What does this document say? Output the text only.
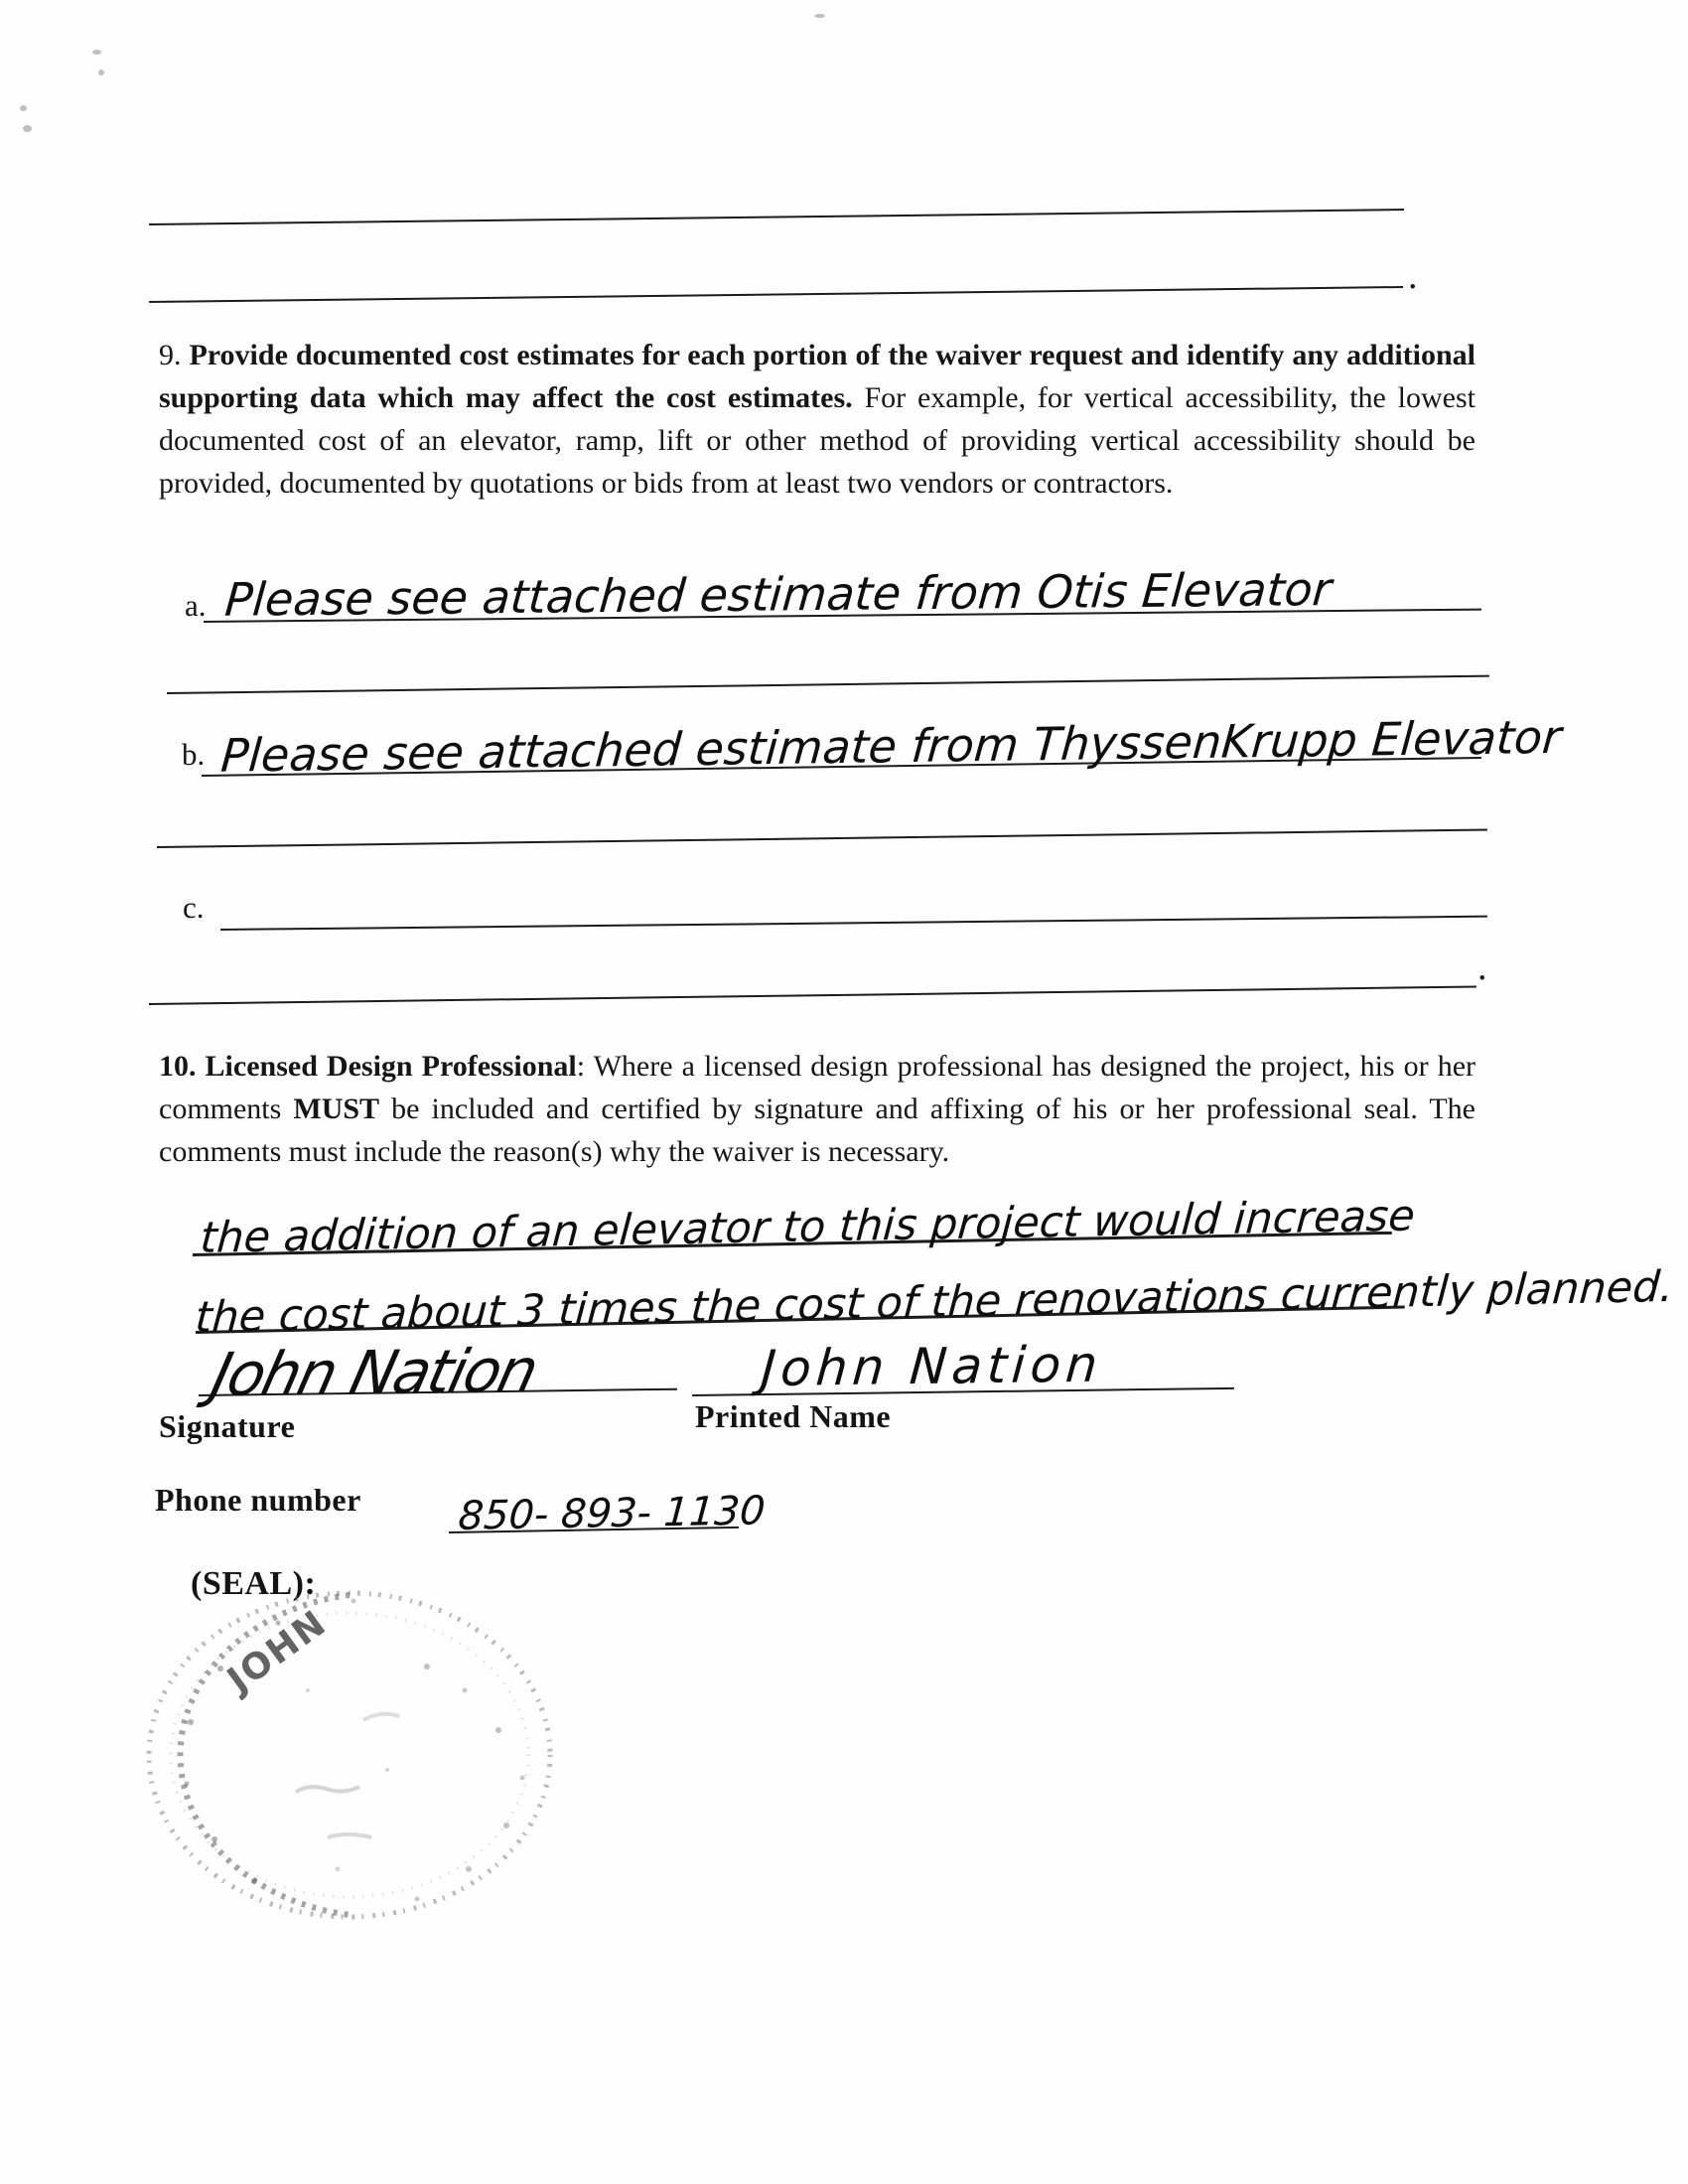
.
9. Provide documented cost estimates for each portion of the waiver request and identify any additional supporting data which may affect the cost estimates. For example, for vertical accessibility, the lowest documented cost of an elevator, ramp, lift or other method of providing vertical accessibility should be provided, documented by quotations or bids from at least two vendors or contractors.
a. Please see attached estimate from Otis Elevator
b. Please see attached estimate from ThyssenKrupp Elevator
c.
.
10. Licensed Design Professional: Where a licensed design professional has designed the project, his or her comments MUST be included and certified by signature and affixing of his or her professional seal. The comments must include the reason(s) why the waiver is necessary.
the addition of an elevator to this project would increase
the cost about 3 times the cost of the renovations currently planned.
John Nation	John Nation
Signature	Printed Name
Phone number 850- 893- 1130
(SEAL):
JOHN
